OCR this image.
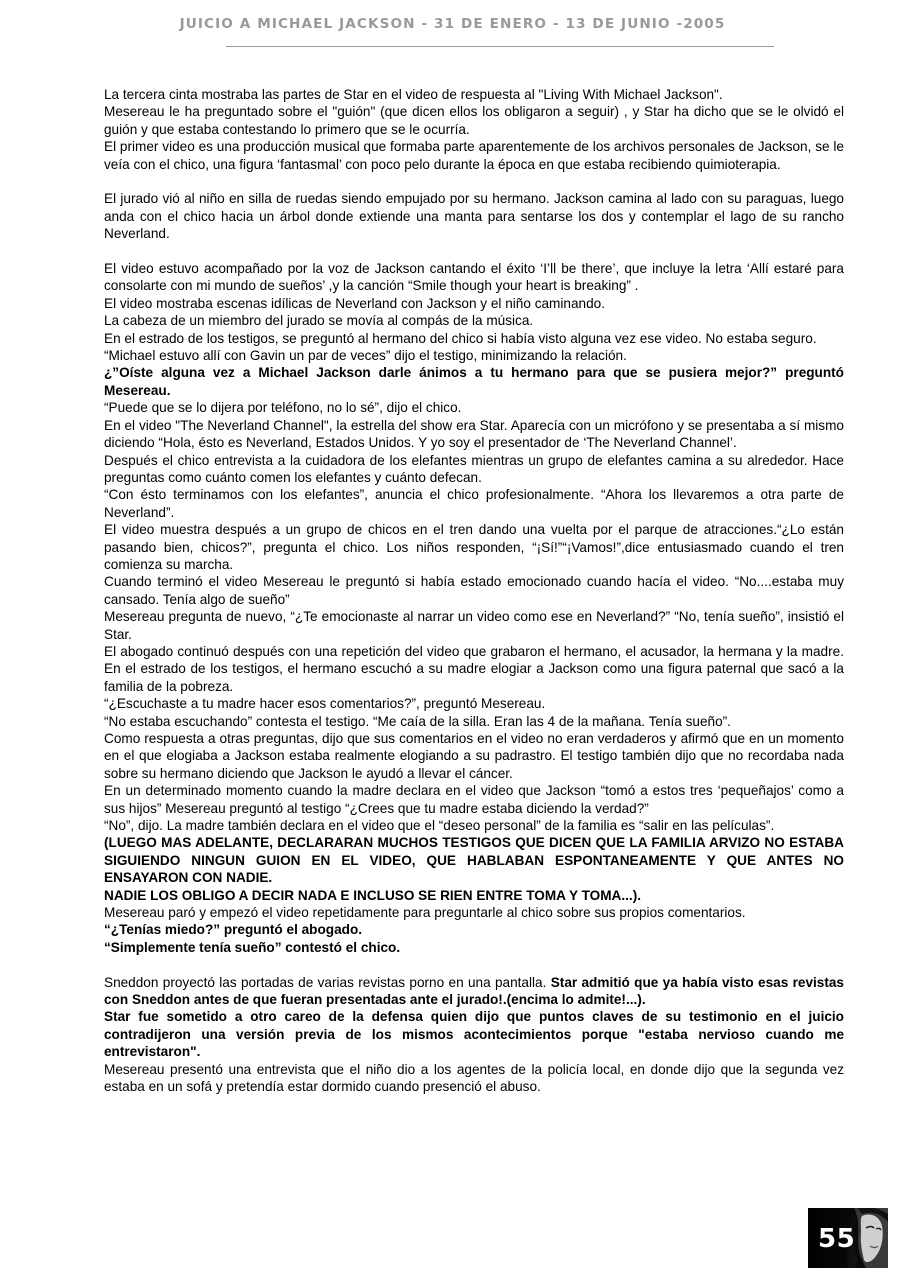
JUICIO A MICHAEL JACKSON - 31 DE ENERO - 13 DE JUNIO -2005

La tercera cinta mostraba las partes de Star en el video de respuesta al "Living With Michael Jackson".

Mesereau le ha preguntado sobre el "guión" (que dicen ellos los obligaron a seguir) , y Star ha dicho que se le olvidó el guión y que estaba contestando lo primero que se le ocurría.

El primer video es una producción musical que formaba parte aparentemente de los archivos personales de Jackson, se le veía con el chico, una figura ‘fantasmal’ con poco pelo durante la época en que estaba recibiendo quimioterapia.

El jurado vió al niño en silla de ruedas siendo empujado por su hermano. Jackson camina al lado con su paraguas, luego anda con el chico hacia un árbol donde extiende una manta para sentarse los dos y contemplar el lago de su rancho Neverland.

El video estuvo acompañado por la voz de Jackson cantando el éxito ‘I’ll be there’, que incluye la letra ‘Allí estaré para consolarte con mi mundo de sueños’ ,y la canción “Smile though your heart is breaking” .

El video mostraba escenas idílicas de Neverland con Jackson y el niño caminando.

La cabeza de un miembro del jurado se movía al compás de la música.

En el estrado de los testigos, se preguntó al hermano del chico si había visto alguna vez ese video. No estaba seguro.

“Michael estuvo allí con Gavin un par de veces” dijo el testigo, minimizando la relación.

¿”Oíste alguna vez a Michael Jackson darle ánimos a tu hermano para que se pusiera mejor?” preguntó Mesereau.

“Puede que se lo dijera por teléfono, no lo sé”, dijo el chico.

En el video "The Neverland Channel", la estrella del show era Star. Aparecía con un micrófono y se presentaba a sí mismo diciendo “Hola, ésto es Neverland, Estados Unidos. Y yo soy el presentador de ‘The Neverland Channel’.

Después el chico entrevista a la cuidadora de los elefantes mientras un grupo de elefantes camina a su alrededor. Hace preguntas como cuánto comen los elefantes y cuánto defecan.

“Con ésto terminamos con los elefantes”, anuncia el chico profesionalmente. “Ahora los llevaremos a otra parte de Neverland”.

El video muestra después a un grupo de chicos en el tren dando una vuelta por el parque de atracciones.“¿Lo están pasando bien, chicos?”, pregunta el chico. Los niños responden, “¡Sí!”“¡Vamos!”,dice entusiasmado cuando el tren comienza su marcha.

Cuando terminó el video Mesereau le preguntó si había estado emocionado cuando hacía el video. “No....estaba muy cansado. Tenía algo de sueño”

Mesereau pregunta de nuevo, “¿Te emocionaste al narrar un video como ese en Neverland?” “No, tenía sueño”, insistió el Star.

El abogado continuó después con una repetición del video que grabaron el hermano, el acusador, la hermana y la madre. En el estrado de los testigos, el hermano escuchó a su madre elogiar a Jackson como una figura paternal que sacó a la familia de la pobreza.

“¿Escuchaste a tu madre hacer esos comentarios?”, preguntó Mesereau.

“No estaba escuchando” contesta el testigo. “Me caía de la silla. Eran las 4 de la mañana. Tenía sueño”.

Como respuesta a otras preguntas, dijo que sus comentarios en el video no eran verdaderos y afirmó que en un momento en el que elogiaba a Jackson estaba realmente elogiando a su padrastro. El testigo también dijo que no recordaba nada sobre su hermano diciendo que Jackson le ayudó a llevar el cáncer.

En un determinado momento cuando la madre declara en el video que Jackson “tomó a estos tres ‘pequeñajos’ como a sus hijos” Mesereau preguntó al testigo “¿Crees que tu madre estaba diciendo la verdad?”

“No”, dijo. La madre también declara en el video que el “deseo personal” de la familia es “salir en las películas”.

(LUEGO MAS ADELANTE, DECLARARAN MUCHOS TESTIGOS QUE DICEN QUE LA FAMILIA ARVIZO NO ESTABA SIGUIENDO NINGUN GUION EN EL VIDEO, QUE HABLABAN ESPONTANEAMENTE Y QUE ANTES NO ENSAYARON CON NADIE.

NADIE LOS OBLIGO A DECIR NADA E INCLUSO SE RIEN ENTRE TOMA Y TOMA...).

Mesereau paró y empezó el video repetidamente para preguntarle al chico sobre sus propios comentarios.

“¿Tenías miedo?” preguntó el abogado.

“Simplemente tenía sueño” contestó el chico.

Sneddon proyectó las portadas de varias revistas porno en una pantalla. Star admitió que ya había visto esas revistas con Sneddon antes de que fueran presentadas ante el jurado!.(encima lo admite!...).

Star fue sometido a otro careo de la defensa quien dijo que puntos claves de su testimonio en el juicio contradijeron una versión previa de los mismos acontecimientos porque "estaba nervioso cuando me entrevistaron".

Mesereau presentó una entrevista que el niño dio a los agentes de la policía local, en donde dijo que la segunda vez estaba en un sofá y pretendía estar dormido cuando presenció el abuso.

55
